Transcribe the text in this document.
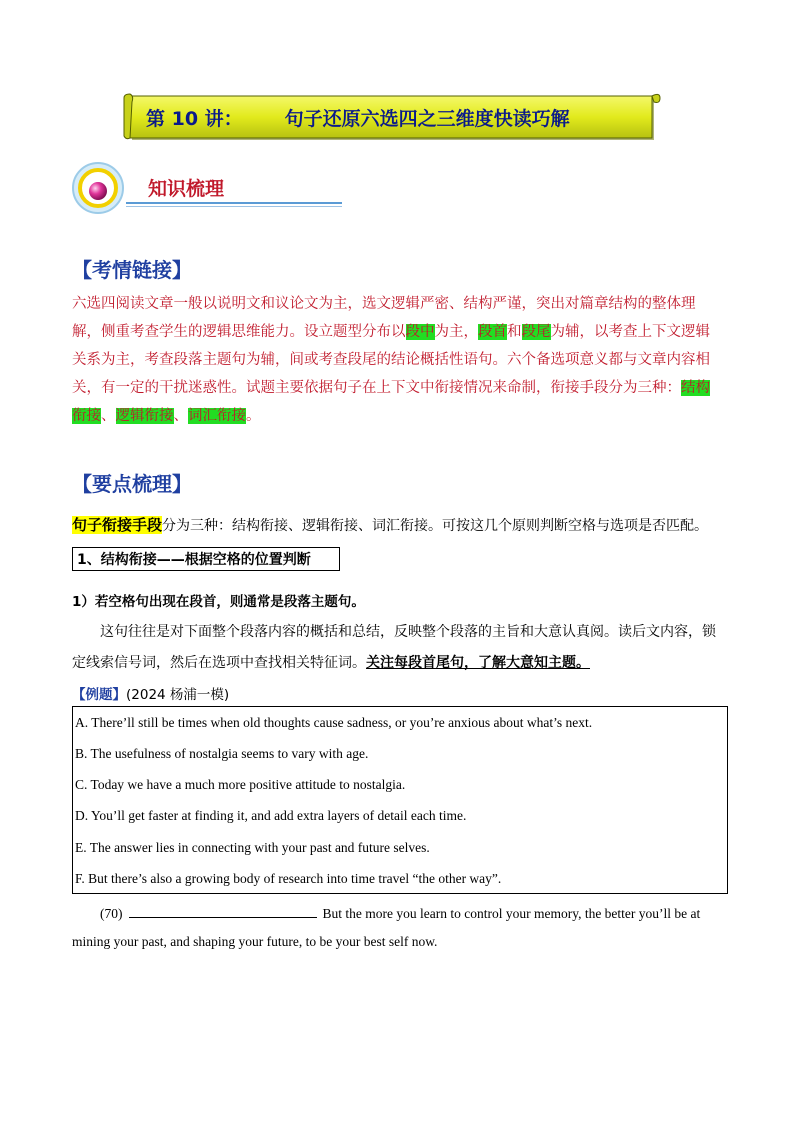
第 10 讲： 句子还原六选四之三维度快读巧解
知识梳理
【考情链接】
六选四阅读文章一般以说明文和议论文为主，选文逻辑严密、结构严谨，突出对篇章结构的整体理解，侧重考查学生的逻辑思维能力。设立题型分布以段中为主，段首和段尾为辅，以考查上下文逻辑关系为主，考查段落主题句为辅，间或考查段尾的结论概括性语句。六个备选项意义都与文章内容相关，有一定的干扰迷惑性。试题主要依据句子在上下文中衔接情况来命制，衔接手段分为三种：结构衔接、逻辑衔接、词汇衔接。
【要点梳理】
句子衔接手段分为三种：结构衔接、逻辑衔接、词汇衔接。可按这几个原则判断空格与选项是否匹配。
1、结构衔接——根据空格的位置判断
1）若空格句出现在段首，则通常是段落主题句。
这句往往是对下面整个段落内容的概括和总结，反映整个段落的主旨和大意认真阅。读后文内容，锁
定线索信号词，然后在选项中查找相关特征词。关注每段首尾句，了解大意知主题。
【例题】(2024 杨浦一模)
A. There’ll still be times when old thoughts cause sadness, or you’re anxious about what’s next.
B. The usefulness of nostalgia seems to vary with age.
C. Today we have a much more positive attitude to nostalgia.
D. You’ll get faster at finding it, and add extra layers of detail each time.
E. The answer lies in connecting with your past and future selves.
F. But there’s also a growing body of research into time travel “the other way”.
(70)	But the more you learn to control your memory, the better you’ll be at
mining your past, and shaping your future, to be your best self now.
